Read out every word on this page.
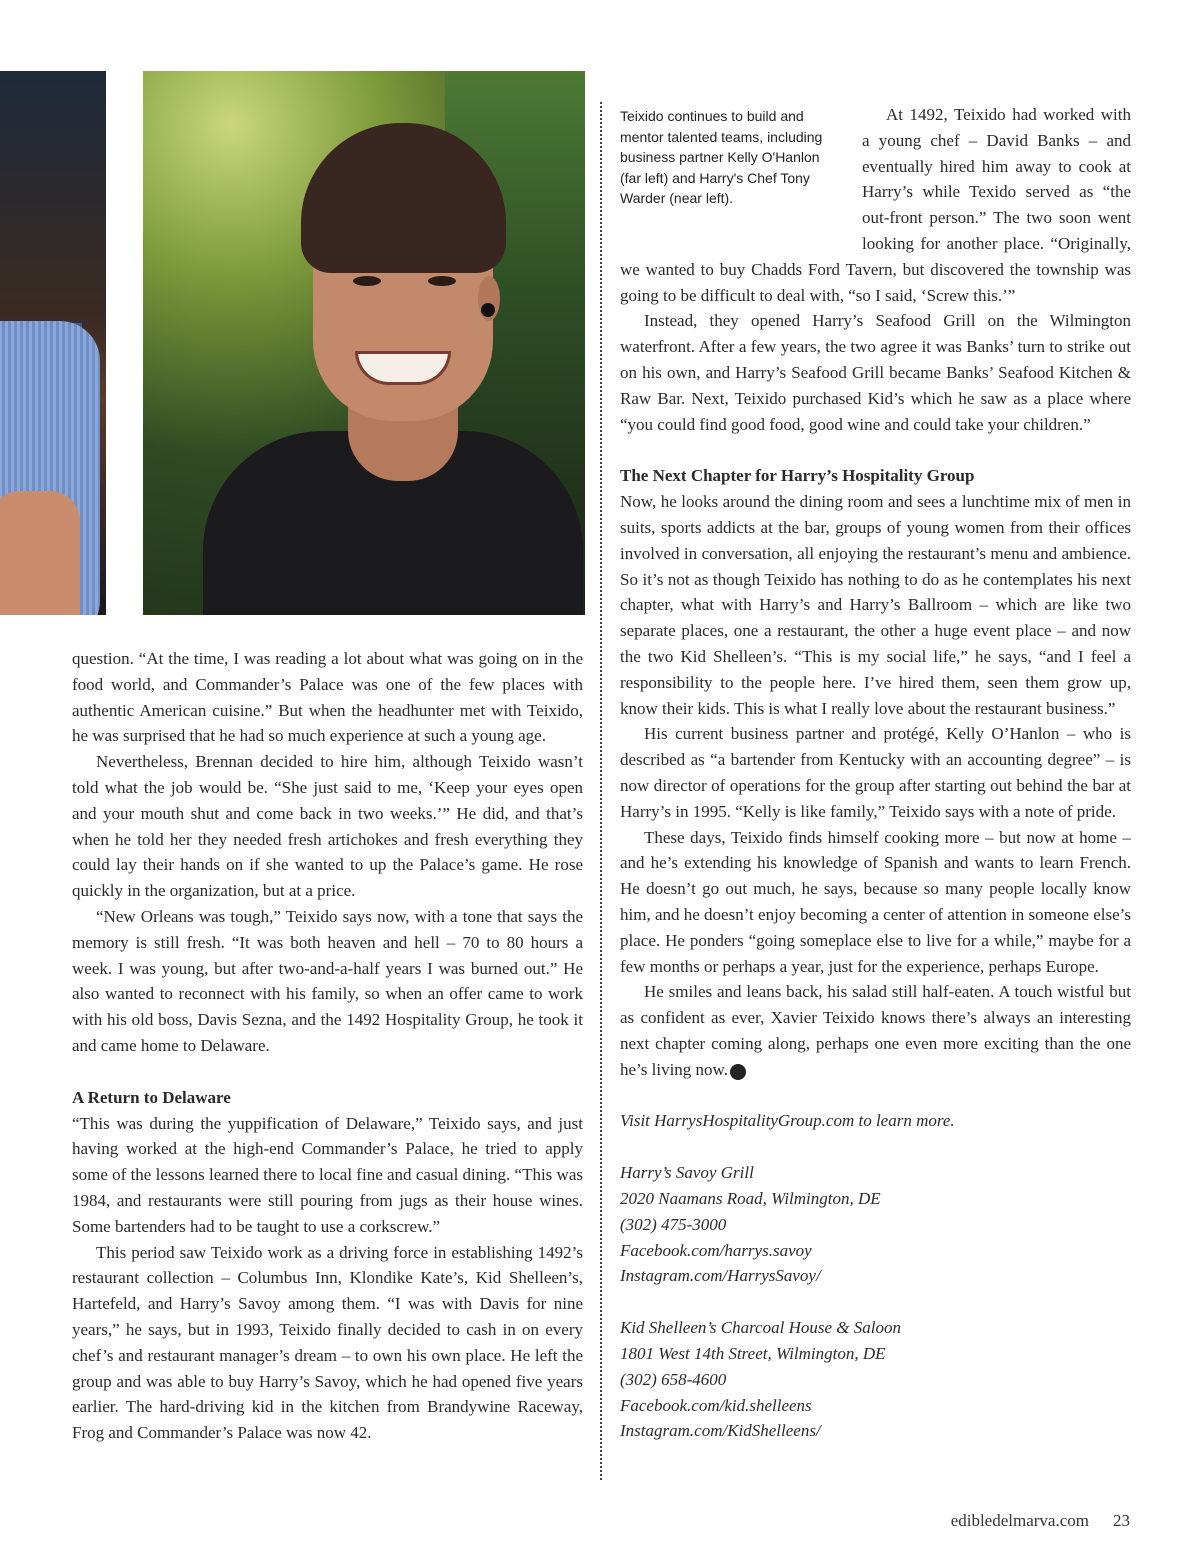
question. “At the time, I was reading a lot about what was going on in the food world, and Commander’s Palace was one of the few places with authentic American cuisine.” But when the headhunter met with Teixido, he was surprised that he had so much experience at such a young age.

Nevertheless, Brennan decided to hire him, although Teixido wasn’t told what the job would be. “She just said to me, ‘Keep your eyes open and your mouth shut and come back in two weeks.’” He did, and that’s when he told her they needed fresh artichokes and fresh everything they could lay their hands on if she wanted to up the Palace’s game. He rose quickly in the organization, but at a price.

“New Orleans was tough,” Teixido says now, with a tone that says the memory is still fresh. “It was both heaven and hell – 70 to 80 hours a week. I was young, but after two-and-a-half years I was burned out.” He also wanted to reconnect with his family, so when an offer came to work with his old boss, Davis Sezna, and the 1492 Hospitality Group, he took it and came home to Delaware.

A Return to Delaware

“This was during the yuppification of Delaware,” Teixido says, and just having worked at the high-end Commander’s Palace, he tried to apply some of the lessons learned there to local fine and casual dining. “This was 1984, and restaurants were still pouring from jugs as their house wines. Some bartenders had to be taught to use a corkscrew.”

This period saw Teixido work as a driving force in establishing 1492’s restaurant collection – Columbus Inn, Klondike Kate’s, Kid Shelleen’s, Hartefeld, and Harry’s Savoy among them. “I was with Davis for nine years,” he says, but in 1993, Teixido finally decided to cash in on every chef’s and restaurant manager’s dream – to own his own place. He left the group and was able to buy Harry’s Savoy, which he had opened five years earlier. The hard-driving kid in the kitchen from Brandywine Raceway, Frog and Commander’s Palace was now 42.

Teixido continues to build and mentor talented teams, including business partner Kelly O'Hanlon (far left) and Harry's Chef Tony Warder (near left).

At 1492, Teixido had worked with a young chef – David Banks – and eventually hired him away to cook at Harry’s while Texido served as “the out-front person.” The two soon went looking for another place. “Originally, we wanted to buy Chadds Ford Tavern, but discovered the township was going to be difficult to deal with, “so I said, ‘Screw this.’”

Instead, they opened Harry’s Seafood Grill on the Wilmington waterfront. After a few years, the two agree it was Banks’ turn to strike out on his own, and Harry’s Seafood Grill became Banks’ Seafood Kitchen & Raw Bar. Next, Teixido purchased Kid’s which he saw as a place where “you could find good food, good wine and could take your children.”

The Next Chapter for Harry’s Hospitality Group

Now, he looks around the dining room and sees a lunchtime mix of men in suits, sports addicts at the bar, groups of young women from their offices involved in conversation, all enjoying the restaurant’s menu and ambience. So it’s not as though Teixido has nothing to do as he contemplates his next chapter, what with Harry’s and Harry’s Ballroom – which are like two separate places, one a restaurant, the other a huge event place – and now the two Kid Shelleen’s. “This is my social life,” he says, “and I feel a responsibility to the people here. I’ve hired them, seen them grow up, know their kids. This is what I really love about the restaurant business.”

His current business partner and protégé, Kelly O’Hanlon – who is described as “a bartender from Kentucky with an accounting degree” – is now director of operations for the group after starting out behind the bar at Harry’s in 1995. “Kelly is like family,” Teixido says with a note of pride.

These days, Teixido finds himself cooking more – but now at home – and he’s extending his knowledge of Spanish and wants to learn French. He doesn’t go out much, he says, because so many people locally know him, and he doesn’t enjoy becoming a center of attention in someone else’s place. He ponders “going someplace else to live for a while,” maybe for a few months or perhaps a year, just for the experience, perhaps Europe.

He smiles and leans back, his salad still half-eaten. A touch wistful but as confident as ever, Xavier Teixido knows there’s always an interesting next chapter coming along, perhaps one even more exciting than the one he’s living now. e

Visit HarrysHospitalityGroup.com to learn more.

Harry’s Savoy Grill
2020 Naamans Road, Wilmington, DE
(302) 475-3000
Facebook.com/harrys.savoy
Instagram.com/HarrysSavoy/
Kid Shelleen’s Charcoal House & Saloon
1801 West 14th Street, Wilmington, DE
(302) 658-4600
Facebook.com/kid.shelleens
Instagram.com/KidShelleens/
edibledelmarva.com 23
